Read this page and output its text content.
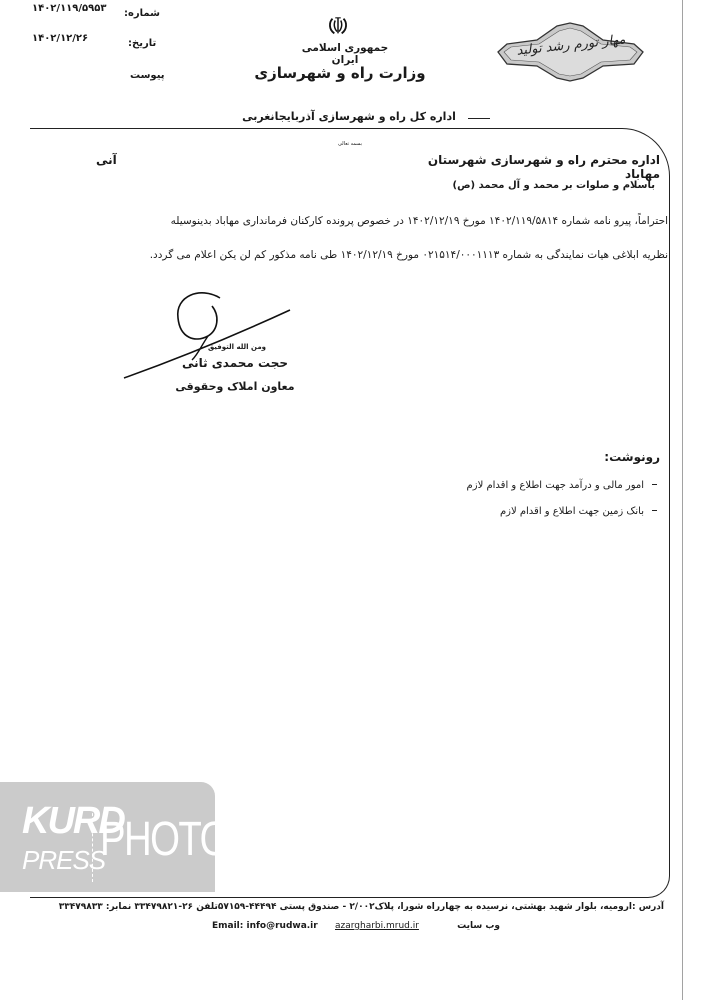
شماره:
۱۴۰۲/۱۱۹/۵۹۵۳
تاریخ:
۱۴۰۲/۱۲/۲۶
پیوست
جمهوری اسلامی ایران
وزارت راه و شهرسازی
اداره کل راه و شهرسازی آذربایجانغربی
بسمه تعالی
مهار تورم رشد تولید
اداره محترم راه و شهرسازی شهرستان مهاباد
آنی
باسلام و صلوات بر محمد و آل محمد (ص)
احتراماً، پیرو نامه شماره ۱۴۰۲/۱۱۹/۵۸۱۴ مورخ ۱۴۰۲/۱۲/۱۹ در خصوص پرونده کارکنان فرمانداری مهاباد بدینوسیله
نظریه ابلاغی هیات نمایندگی به شماره ۰۲۱۵۱۴/۰۰۰۱۱۱۳ مورخ ۱۴۰۲/۱۲/۱۹ طی نامه مذکور کم لن یکن اعلام می گردد.
ومن الله التوفیق
حجت محمدی ثانی
معاون املاک وحقوقی
رونوشت:
امور مالی و درآمد جهت اطلاع و اقدام لازم
بانک زمین جهت اطلاع و اقدام لازم
KURD
PRESS
PHOTO
آدرس :ارومیه، بلوار شهید بهشتی، نرسیده به چهارراه شورا، پلاک۲/۰۰۲ - صندوق پستی ۴۴۴۹۴-۵۷۱۵۹تلفن ۲۶-۳۳۴۷۹۸۲۱ نمابر: ۳۳۴۷۹۸۳۳
وب سایت
azargharbi.mrud.ir
Email: info@rudwa.ir
